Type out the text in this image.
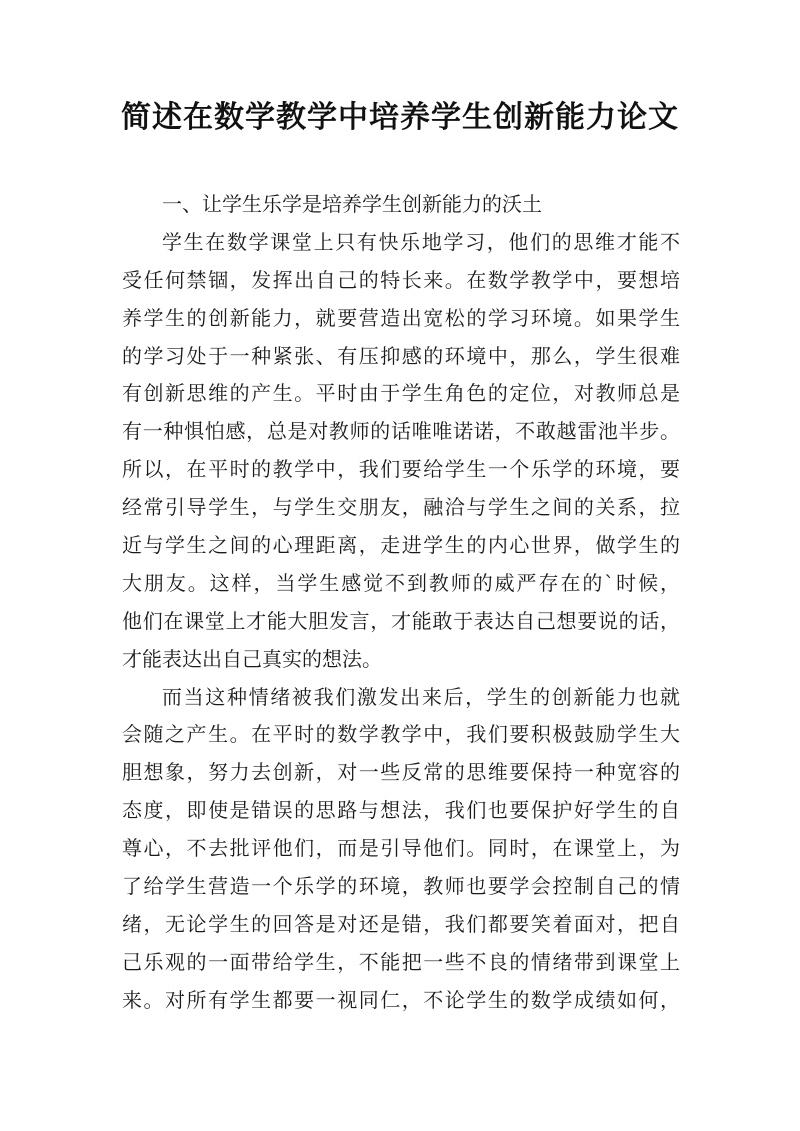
简述在数学教学中培养学生创新能力论文
一、让学生乐学是培养学生创新能力的沃土
学生在数学课堂上只有快乐地学习，他们的思维才能不
受任何禁锢，发挥出自己的特长来。在数学教学中，要想培
养学生的创新能力，就要营造出宽松的学习环境。如果学生
的学习处于一种紧张、有压抑感的环境中，那么，学生很难
有创新思维的产生。平时由于学生角色的定位，对教师总是
有一种惧怕感，总是对教师的话唯唯诺诺，不敢越雷池半步。
所以，在平时的教学中，我们要给学生一个乐学的环境，要
经常引导学生，与学生交朋友，融洽与学生之间的关系，拉
近与学生之间的心理距离，走进学生的内心世界，做学生的
大朋友。这样，当学生感觉不到教师的威严存在的`时候，
他们在课堂上才能大胆发言，才能敢于表达自己想要说的话，
才能表达出自己真实的想法。
而当这种情绪被我们激发出来后，学生的创新能力也就
会随之产生。在平时的数学教学中，我们要积极鼓励学生大
胆想象，努力去创新，对一些反常的思维要保持一种宽容的
态度，即使是错误的思路与想法，我们也要保护好学生的自
尊心，不去批评他们，而是引导他们。同时，在课堂上，为
了给学生营造一个乐学的环境，教师也要学会控制自己的情
绪，无论学生的回答是对还是错，我们都要笑着面对，把自
己乐观的一面带给学生，不能把一些不良的情绪带到课堂上
来。对所有学生都要一视同仁，不论学生的数学成绩如何，
